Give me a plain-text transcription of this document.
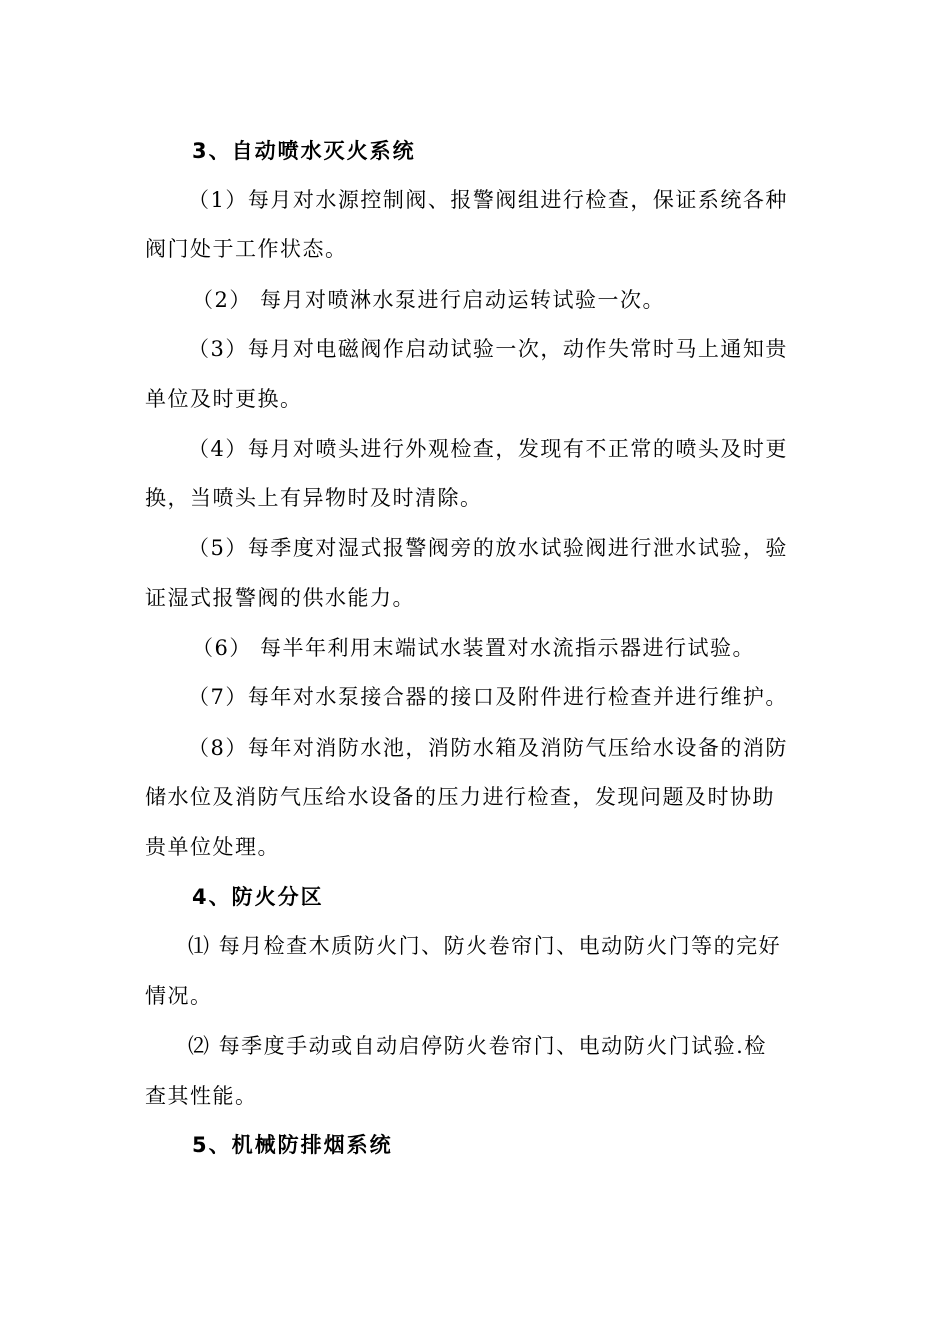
3、自动喷水灭火系统
（1）每月对水源控制阀、报警阀组进行检查，保证系统各种
阀门处于工作状态。
（2） 每月对喷淋水泵进行启动运转试验一次。
（3）每月对电磁阀作启动试验一次，动作失常时马上通知贵
单位及时更换。
（4）每月对喷头进行外观检查，发现有不正常的喷头及时更
换，当喷头上有异物时及时清除。
（5）每季度对湿式报警阀旁的放水试验阀进行泄水试验，验
证湿式报警阀的供水能力。
（6） 每半年利用末端试水装置对水流指示器进行试验。
（7）每年对水泵接合器的接口及附件进行检查并进行维护。
（8）每年对消防水池，消防水箱及消防气压给水设备的消防
储水位及消防气压给水设备的压力进行检查，发现问题及时协助
贵单位处理。
4、防火分区
⑴ 每月检查木质防火门、防火卷帘门、电动防火门等的完好
情况。
⑵ 每季度手动或自动启停防火卷帘门、电动防火门试验.检
查其性能。
5、机械防排烟系统
